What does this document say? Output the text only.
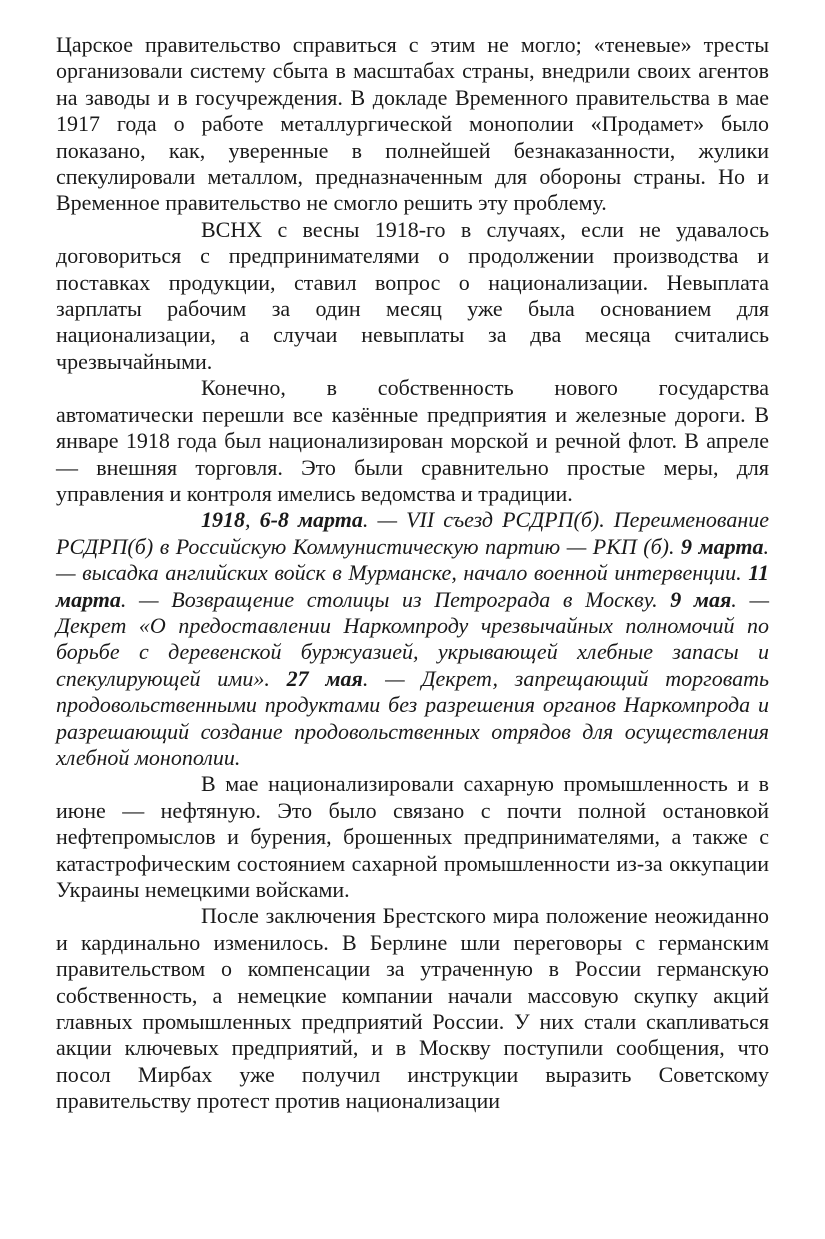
Царское правительство справиться с этим не могло; «теневые» тресты организовали систему сбыта в масштабах страны, внедрили своих агентов на заводы и в госучреждения. В докладе Временного правительства в мае 1917 года о работе металлургической монополии «Продамет» было показано, как, уверенные в полнейшей безнаказанности, жулики спекулировали металлом, предназначенным для обороны страны. Но и Временное правительство не смогло решить эту проблему.

ВСНХ с весны 1918-го в случаях, если не удавалось договориться с предпринимателями о продолжении производства и поставках продукции, ставил вопрос о национализации. Невыплата зарплаты рабочим за один месяц уже была основанием для национализации, а случаи невыплаты за два месяца считались чрезвычайными.

Конечно, в собственность нового государства автоматически перешли все казённые предприятия и железные дороги. В январе 1918 года был национализирован морской и речной флот. В апреле — внешняя торговля. Это были сравнительно простые меры, для управления и контроля имелись ведомства и традиции.

1918, 6-8 марта. — VII съезд РСДРП(б). Переименование РСДРП(б) в Российскую Коммунистическую партию — РКП (б). 9 марта. — высадка английских войск в Мурманске, начало военной интервенции. 11 марта. — Возвращение столицы из Петрограда в Москву. 9 мая. — Декрет «О предоставлении Наркомпроду чрезвычайных полномочий по борьбе с деревенской буржуазией, укрывающей хлебные запасы и спекулирующей ими». 27 мая. — Декрет, запрещающий торговать продовольственными продуктами без разрешения органов Наркомпрода и разрешающий создание продовольственных отрядов для осуществления хлебной монополии.

В мае национализировали сахарную промышленность и в июне — нефтяную. Это было связано с почти полной остановкой нефтепромыслов и бурения, брошенных предпринимателями, а также с катастрофическим состоянием сахарной промышленности из-за оккупации Украины немецкими войсками.

После заключения Брестского мира положение неожиданно и кардинально изменилось. В Берлине шли переговоры с германским правительством о компенсации за утраченную в России германскую собственность, а немецкие компании начали массовую скупку акций главных промышленных предприятий России. У них стали скапливаться акции ключевых предприятий, и в Москву поступили сообщения, что посол Мирбах уже получил инструкции выразить Советскому правительству протест против национализации
